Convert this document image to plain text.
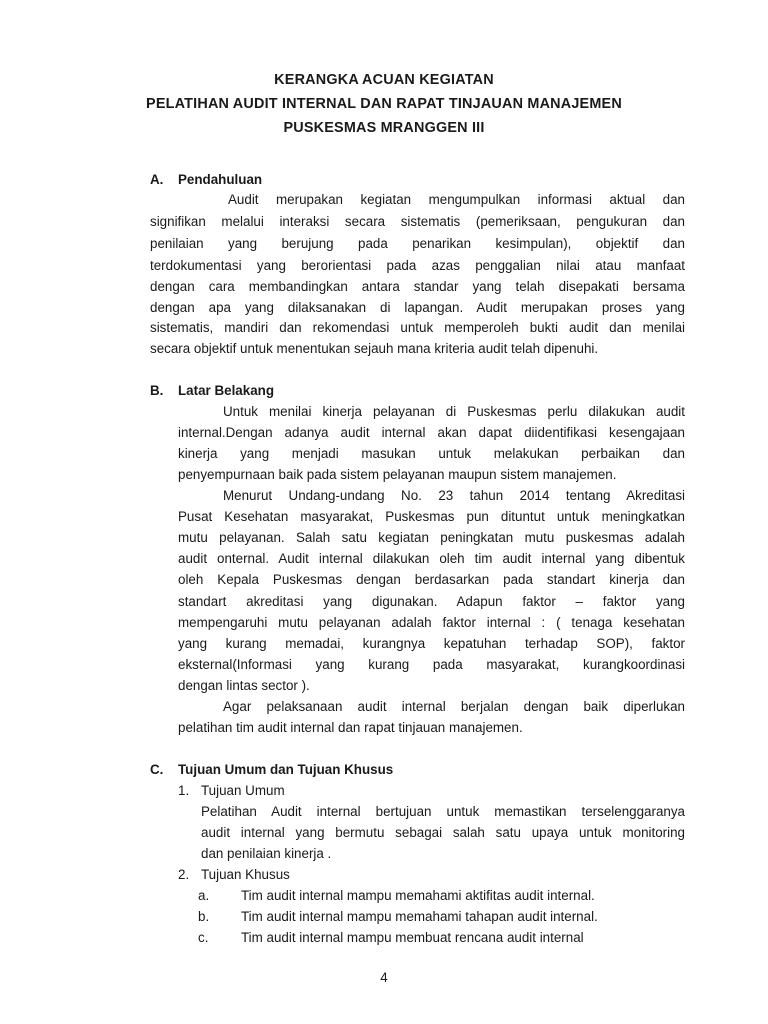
KERANGKA ACUAN KEGIATAN
PELATIHAN AUDIT INTERNAL DAN RAPAT TINJAUAN MANAJEMEN
PUSKESMAS MRANGGEN III
A. Pendahuluan
Audit merupakan kegiatan mengumpulkan informasi aktual dan
signifikan melalui interaksi secara sistematis (pemeriksaan, pengukuran dan
penilaian yang berujung pada penarikan kesimpulan), objektif dan
terdokumentasi yang berorientasi pada azas penggalian nilai atau manfaat
dengan cara membandingkan antara standar yang telah disepakati bersama
dengan apa yang dilaksanakan di lapangan. Audit merupakan proses yang
sistematis, mandiri dan rekomendasi untuk memperoleh bukti audit dan menilai
secara objektif untuk menentukan sejauh mana kriteria audit telah dipenuhi.
B. Latar Belakang
Untuk menilai kinerja pelayanan di Puskesmas perlu dilakukan audit
internal.Dengan adanya audit internal akan dapat diidentifikasi kesengajaan
kinerja yang menjadi masukan untuk melakukan perbaikan dan
penyempurnaan baik pada sistem pelayanan maupun sistem manajemen.
Menurut Undang-undang No. 23 tahun 2014 tentang Akreditasi
Pusat Kesehatan masyarakat, Puskesmas pun dituntut untuk meningkatkan
mutu pelayanan. Salah satu kegiatan peningkatan mutu puskesmas adalah
audit onternal. Audit internal dilakukan oleh tim audit internal yang dibentuk
oleh Kepala Puskesmas dengan berdasarkan pada standart kinerja dan
standart akreditasi yang digunakan. Adapun faktor – faktor yang
mempengaruhi mutu pelayanan adalah faktor internal : ( tenaga kesehatan
yang kurang memadai, kurangnya kepatuhan terhadap SOP), faktor
eksternal(Informasi yang kurang pada masyarakat, kurangkoordinasi
dengan lintas sector ).
Agar pelaksanaan audit internal berjalan dengan baik diperlukan
pelatihan tim audit internal dan rapat tinjauan manajemen.
C. Tujuan Umum dan Tujuan Khusus
1. Tujuan Umum
Pelatihan Audit internal bertujuan untuk memastikan terselenggaranya
audit internal yang bermutu sebagai salah satu upaya untuk monitoring
dan penilaian kinerja .
2. Tujuan Khusus
a. Tim audit internal mampu memahami aktifitas audit internal.
b. Tim audit internal mampu memahami tahapan audit internal.
c. Tim audit internal mampu membuat rencana audit internal
4
